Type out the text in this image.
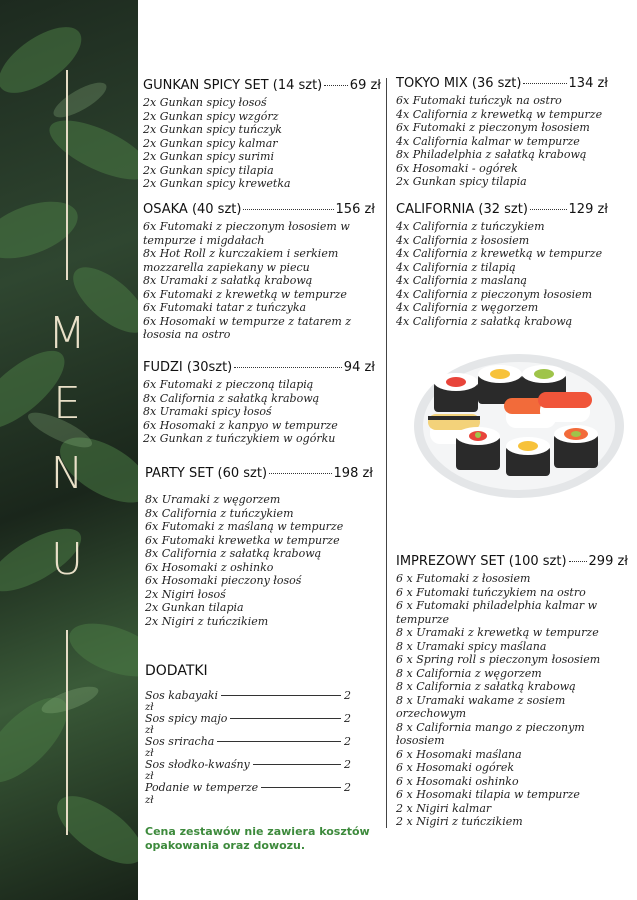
M
E
N
U
GUNKAN SPICY SET (14 szt) 69 zł
2x Gunkan spicy łosoś
2x Gunkan spicy wzgórz
2x Gunkan spicy tuńczyk
2x Gunkan spicy kalmar
2x Gunkan spicy surimi
2x Gunkan spicy tilapia
2x Gunkan spicy krewetka
OSAKA (40 szt)	156 zł
6x Futomaki z pieczonym łososiem w tempurze i migdałach
8x Hot Roll z kurczakiem i serkiem mozzarella zapiekany w piecu
8x Uramaki z sałatką krabową
6x Futomaki z krewetką w tempurze
6x Futomaki tatar z tuńczyka
6x Hosomaki w tempurze z tatarem z łososia na ostro
FUDZI (30szt)	94 zł
6x Futomaki z pieczoną tilapią
8x California z sałatką krabową
8x Uramaki spicy łosoś
6x Hosomaki z kanpyo w tempurze
2x Gunkan z tuńczykiem w ogórku
PARTY SET (60 szt)	198 zł
8x Uramaki z węgorzem
8x California z tuńczykiem
6x Futomaki z maślaną w tempurze
6x Futomaki krewetka w tempurze
8x California z sałatką krabową
6x Hosomaki z oshinko
6x Hosomaki pieczony łosoś
2x Nigiri łosoś
2x Gunkan tilapia
2x Nigiri z tuńczikiem
DODATKI
Sos kabayaki	2
zł
Sos spicy majo	2
zł
Sos sriracha	2
zł
Sos słodko-kwaśny	2
zł
Podanie w temperze	2
zł
Cena zestawów nie zawiera kosztów opakowania oraz dowozu.
TOKYO MIX (36 szt)	134 zł
6x Futomaki tuńczyk na ostro
4x California z krewetką w tempurze
6x Futomaki z pieczonym łososiem
4x California kalmar w tempurze
8x Philadelphia z sałatką krabową
6x Hosomaki - ogórek
2x Gunkan spicy tilapia
CALIFORNIA (32 szt)	129 zł
4x California z tuńczykiem
4x California z łososiem
4x California z krewetką w tempurze
4x California z tilapią
4x California z maslaną
4x California z pieczonym łososiem
4x California z węgorzem
4x California z sałatką krabową
IMPREZOWY SET (100 szt) 299 zł
6 x Futomaki z łososiem
6 x Futomaki tuńczykiem na ostro
6 x Futomaki philadelphia kalmar w tempurze
8 x Uramaki z krewetką w tempurze
8 x Uramaki spicy maślana
6 x Spring roll s pieczonym łososiem
8 x California z węgorzem
8 x California z sałatką krabową
8 x Uramaki wakame z sosiem orzechowym
8 x California mango z pieczonym łososiem
6 x Hosomaki maślana
6 x Hosomaki ogórek
6 x Hosomaki oshinko
6 x Hosomaki tilapia w tempurze
2 x Nigiri kalmar
2 x Nigiri z tuńczikiem
